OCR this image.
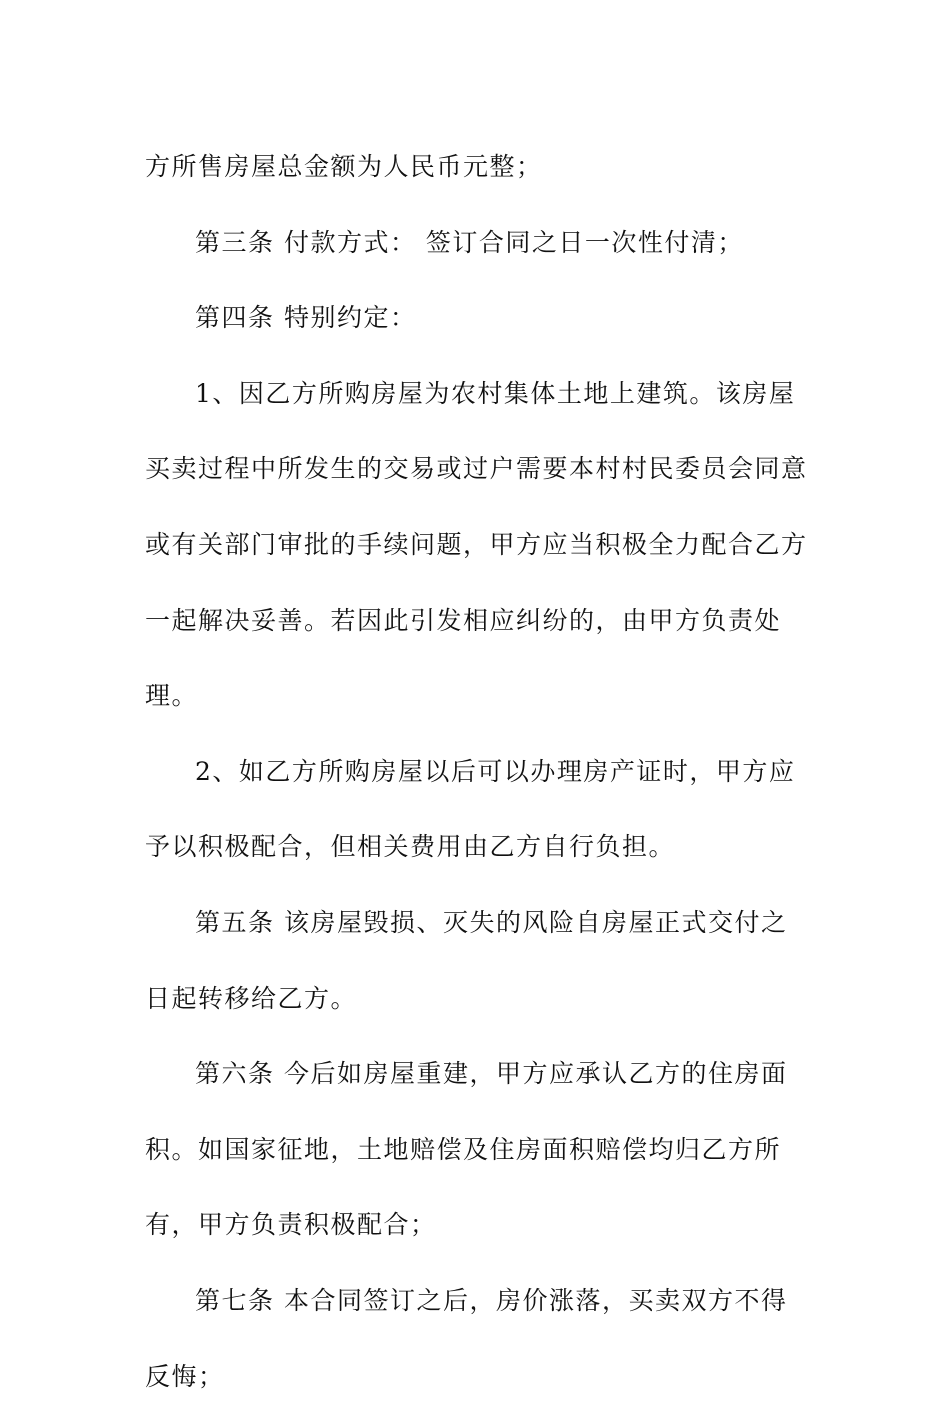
方所售房屋总金额为人民币元整；

第三条 付款方式： 签订合同之日一次性付清；

第四条 特别约定：

1、因乙方所购房屋为农村集体土地上建筑。该房屋买卖过程中所发生的交易或过户需要本村村民委员会同意或有关部门审批的手续问题，甲方应当积极全力配合乙方一起解决妥善。若因此引发相应纠纷的，由甲方负责处理。

2、如乙方所购房屋以后可以办理房产证时，甲方应予以积极配合，但相关费用由乙方自行负担。

第五条 该房屋毁损、灭失的风险自房屋正式交付之日起转移给乙方。

第六条 今后如房屋重建，甲方应承认乙方的住房面积。如国家征地，土地赔偿及住房面积赔偿均归乙方所有，甲方负责积极配合；

第七条 本合同签订之后，房价涨落，买卖双方不得反悔；
